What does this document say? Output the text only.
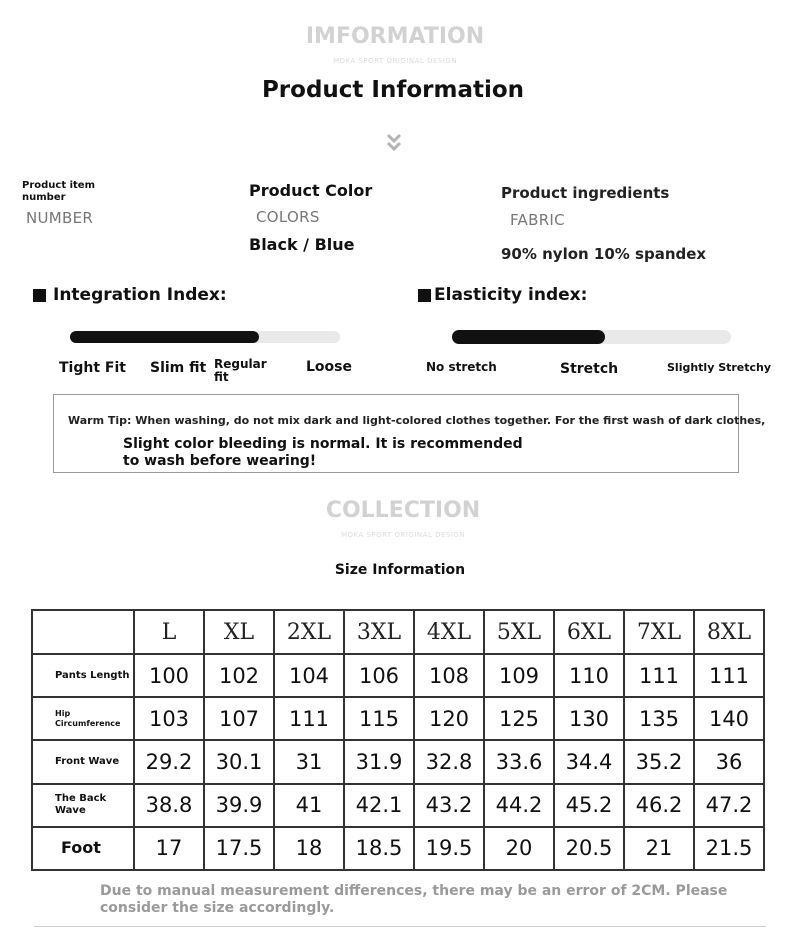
IMFORMATION
MOKA SPORT ORIGINAL DESIGN
Product Information
Product item number
NUMBER
Product Color
COLORS
Black / Blue
Product ingredients
FABRIC
90% nylon 10% spandex
Integration Index:
Tight Fit Slim fit Regular fit
Loose
Elasticity index:
No stretch	Stretch	Slightly Stretchy
Warm Tip: When washing, do not mix dark and light-colored clothes together. For the first wash of dark clothes,
Slight color bleeding is normal. It is recommended to wash before wearing!
COLLECTION
MOKA SPORT ORIGINAL DESIGN
Size Information
	L	XL	2XL	3XL	4XL	5XL	6XL	7XL	8XL
Pants Length	100	102	104	106	108	109	110	111	111
Hip Circumference	103	107	111	115	120	125	130	135	140
Front Wave	29.2	30.1	31	31.9	32.8	33.6	34.4	35.2	36
The Back Wave	38.8	39.9	41	42.1	43.2	44.2	45.2	46.2	47.2
Foot	17	17.5	18	18.5	19.5	20	20.5	21	21.5
Due to manual measurement differences, there may be an error of 2CM. Please consider the size accordingly.
